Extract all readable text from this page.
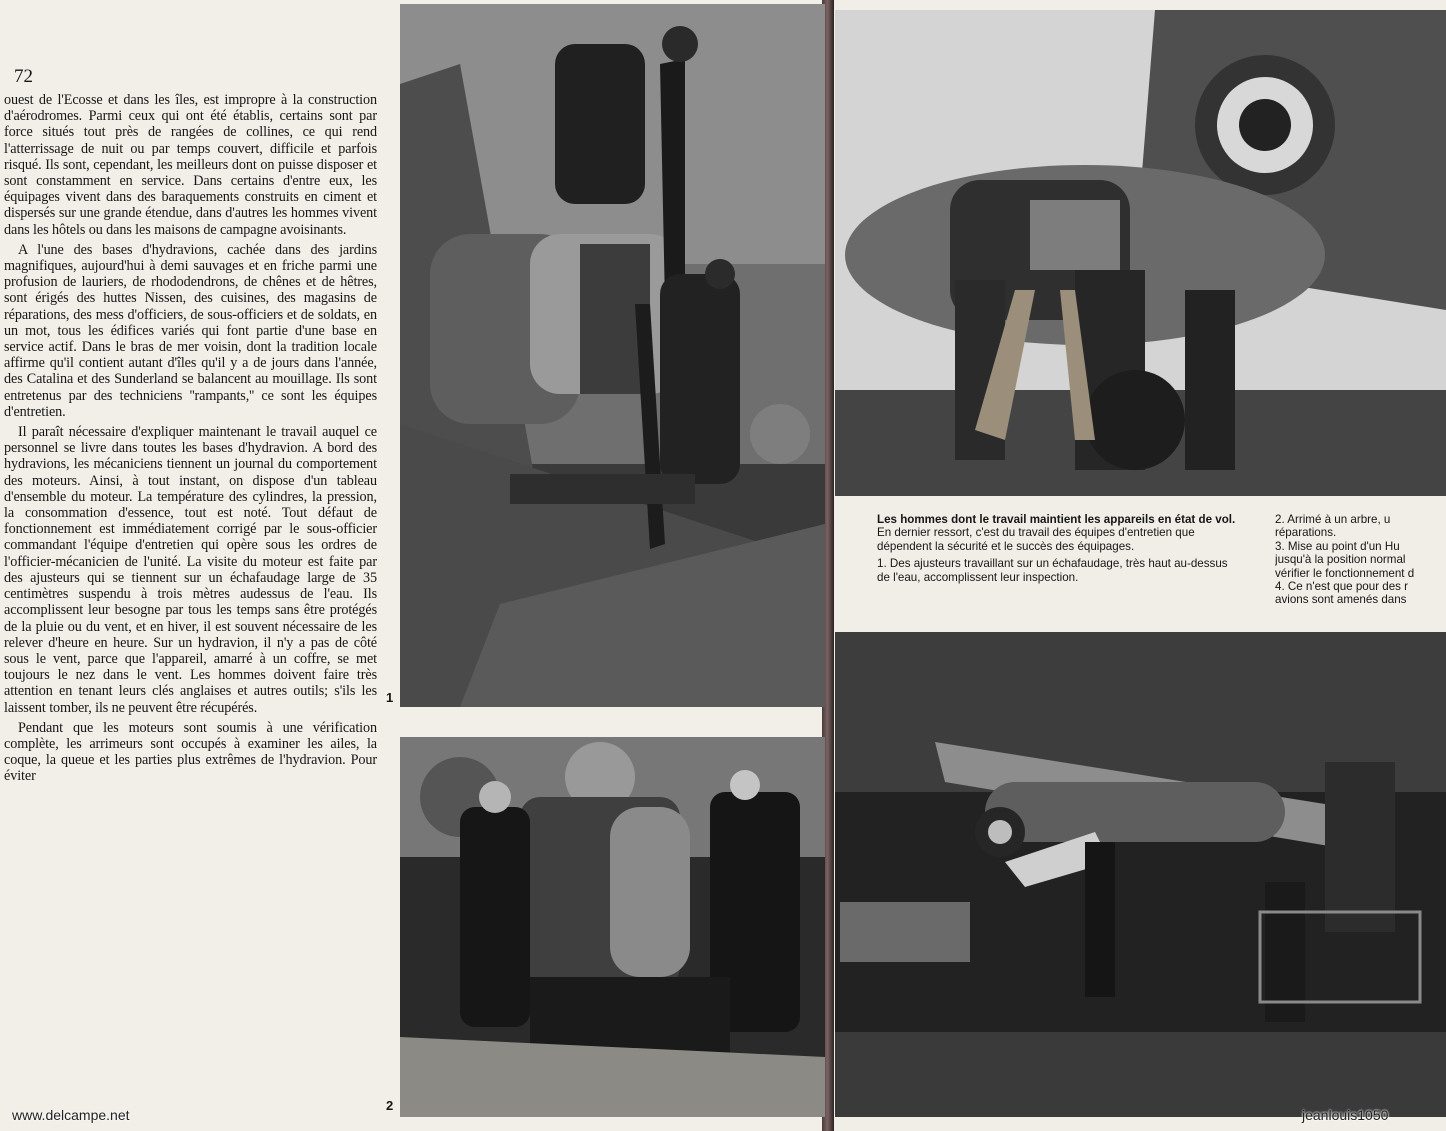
72

ouest de l'Ecosse et dans les îles, est impropre à la construction d'aérodromes. Parmi ceux qui ont été établis, certains sont par force situés tout près de rangées de collines, ce qui rend l'atterrissage de nuit ou par temps couvert, difficile et parfois risqué. Ils sont, cependant, les meilleurs dont on puisse disposer et sont constamment en service. Dans certains d'entre eux, les équipages vivent dans des baraquements construits en ciment et dispersés sur une grande étendue, dans d'autres les hommes vivent dans les hôtels ou dans les maisons de campagne avoisinants.

A l'une des bases d'hydravions, cachée dans des jardins magnifiques, aujourd'hui à demi sauvages et en friche parmi une profusion de lauriers, de rhododendrons, de chênes et de hêtres, sont érigés des huttes Nissen, des cuisines, des magasins de réparations, des mess d'officiers, de sous-officiers et de soldats, en un mot, tous les édifices variés qui font partie d'une base en service actif. Dans le bras de mer voisin, dont la tradition locale affirme qu'il contient autant d'îles qu'il y a de jours dans l'année, des Catalina et des Sunderland se balancent au mouillage. Ils sont entretenus par des techniciens ''rampants,'' ce sont les équipes d'entretien.

Il paraît nécessaire d'expliquer maintenant le travail auquel ce personnel se livre dans toutes les bases d'hydravion. A bord des hydravions, les mécaniciens tiennent un journal du comportement des moteurs. Ainsi, à tout instant, on dispose d'un tableau d'ensemble du moteur. La température des cylindres, la pression, la consommation d'essence, tout est noté. Tout défaut de fonctionnement est immédiatement corrigé par le sous-officier commandant l'équipe d'entretien qui opère sous les ordres de l'officier-mécanicien de l'unité. La visite du moteur est faite par des ajusteurs qui se tiennent sur un échafaudage large de 35 centimètres suspendu à trois mètres audessus de l'eau. Ils accomplissent leur besogne par tous les temps sans être protégés de la pluie ou du vent, et en hiver, il est souvent nécessaire de les relever d'heure en heure. Sur un hydravion, il n'y a pas de côté sous le vent, parce que l'appareil, amarré à un coffre, se met toujours le nez dans le vent. Les hommes doivent faire très attention en tenant leurs clés anglaises et autres outils; s'ils les laissent tomber, ils ne peuvent être récupérés.

Pendant que les moteurs sont soumis à une vérification complète, les arrimeurs sont occupés à examiner les ailes, la coque, la queue et les parties plus extrêmes de l'hydravion. Pour éviter

1
2
Les hommes dont le travail maintient les appareils en état de vol. En dernier ressort, c'est du travail des équipes d'entretien que dépendent la sécurité et le succès des équipages.
1. Des ajusteurs travaillant sur un échafaudage, très haut au-dessus de l'eau, accomplissent leur inspection.
2. Arrimé à un arbre, u
réparations.
3. Mise au point d'un Hu
jusqu'à la position normal
vérifier le fonctionnement d
4. Ce n'est que pour des r
avions sont amenés dans
www.delcampe.net	jeanlouis1050
